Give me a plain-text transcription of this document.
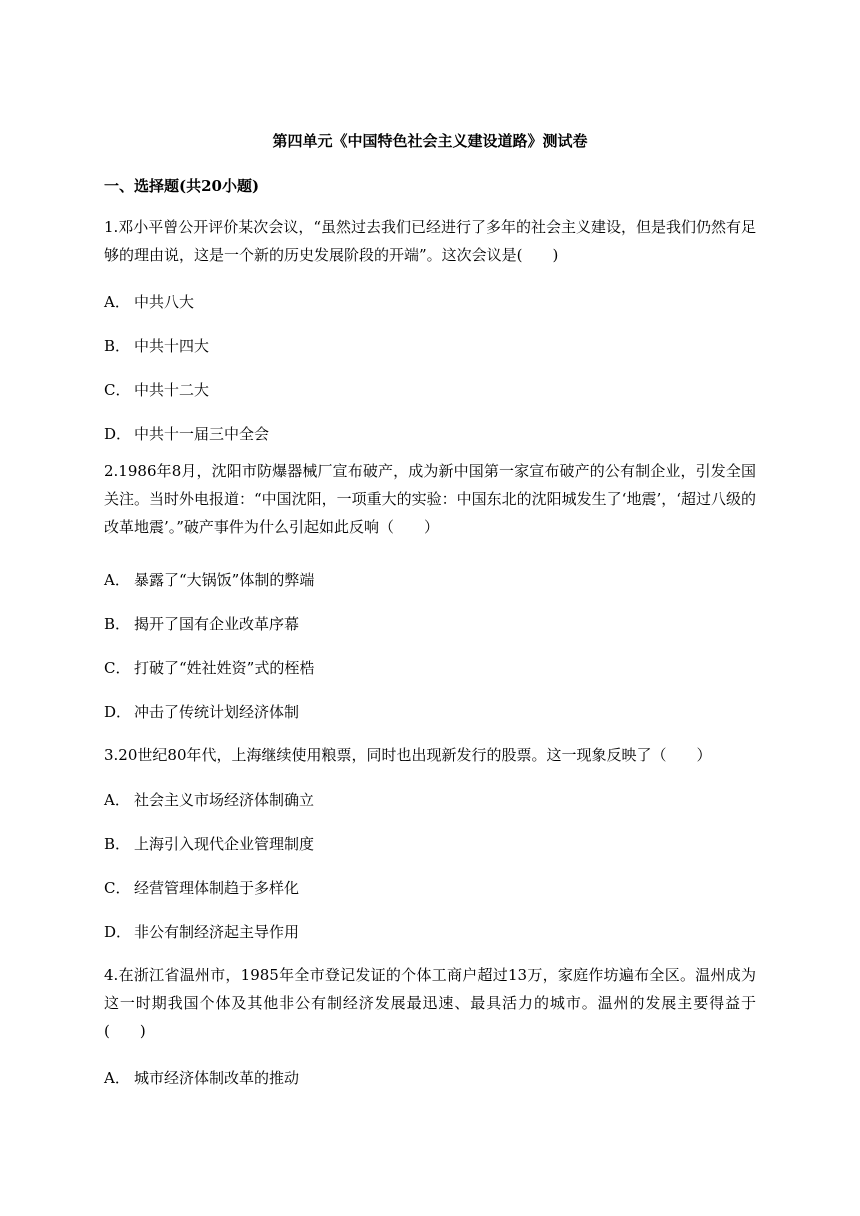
第四单元《中国特色社会主义建设道路》测试卷
一、选择题(共20小题)
1.邓小平曾公开评价某次会议，“虽然过去我们已经进行了多年的社会主义建设，但是我们仍然有足够的理由说，这是一个新的历史发展阶段的开端”。这次会议是(　　)
A． 中共八大
B． 中共十四大
C． 中共十二大
D． 中共十一届三中全会
2.1986年8月，沈阳市防爆器械厂宣布破产，成为新中国第一家宣布破产的公有制企业，引发全国关注。当时外电报道：“中国沈阳，一项重大的实验：中国东北的沈阳城发生了‘地震’，‘超过八级的改革地震’。”破产事件为什么引起如此反响（　　）
A． 暴露了“大锅饭”体制的弊端
B． 揭开了国有企业改革序幕
C． 打破了“姓社姓资”式的桎梏
D． 冲击了传统计划经济体制
3.20世纪80年代，上海继续使用粮票，同时也出现新发行的股票。这一现象反映了（　　）
A． 社会主义市场经济体制确立
B． 上海引入现代企业管理制度
C． 经营管理体制趋于多样化
D． 非公有制经济起主导作用
4.在浙江省温州市，1985年全市登记发证的个体工商户超过13万，家庭作坊遍布全区。温州成为这一时期我国个体及其他非公有制经济发展最迅速、最具活力的城市。温州的发展主要得益于(　　)
A． 城市经济体制改革的推动
